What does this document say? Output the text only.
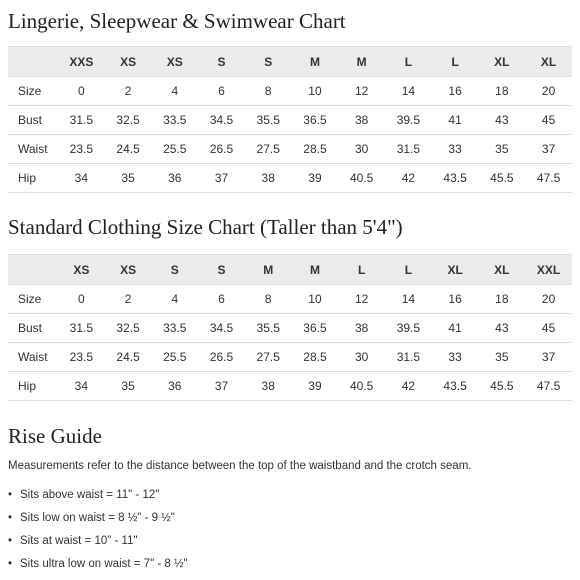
Lingerie, Sleepwear & Swimwear Chart
	XXS	XS	XS	S	S	M	M	L	L	XL	XL
Size	0	2	4	6	8	10	12	14	16	18	20
Bust	31.5	32.5	33.5	34.5	35.5	36.5	38	39.5	41	43	45
Waist	23.5	24.5	25.5	26.5	27.5	28.5	30	31.5	33	35	37
Hip	34	35	36	37	38	39	40.5	42	43.5	45.5	47.5
Standard Clothing Size Chart (Taller than 5'4")
	XS	XS	S	S	M	M	L	L	XL	XL	XXL
Size	0	2	4	6	8	10	12	14	16	18	20
Bust	31.5	32.5	33.5	34.5	35.5	36.5	38	39.5	41	43	45
Waist	23.5	24.5	25.5	26.5	27.5	28.5	30	31.5	33	35	37
Hip	34	35	36	37	38	39	40.5	42	43.5	45.5	47.5
Rise Guide

Measurements refer to the distance between the top of the waistband and the crotch seam.

• Sits above waist = 11" - 12"
• Sits low on waist = 8 ½" - 9 ½"
• Sits at waist = 10" - 11"
• Sits ultra low on waist = 7" - 8 ½"
